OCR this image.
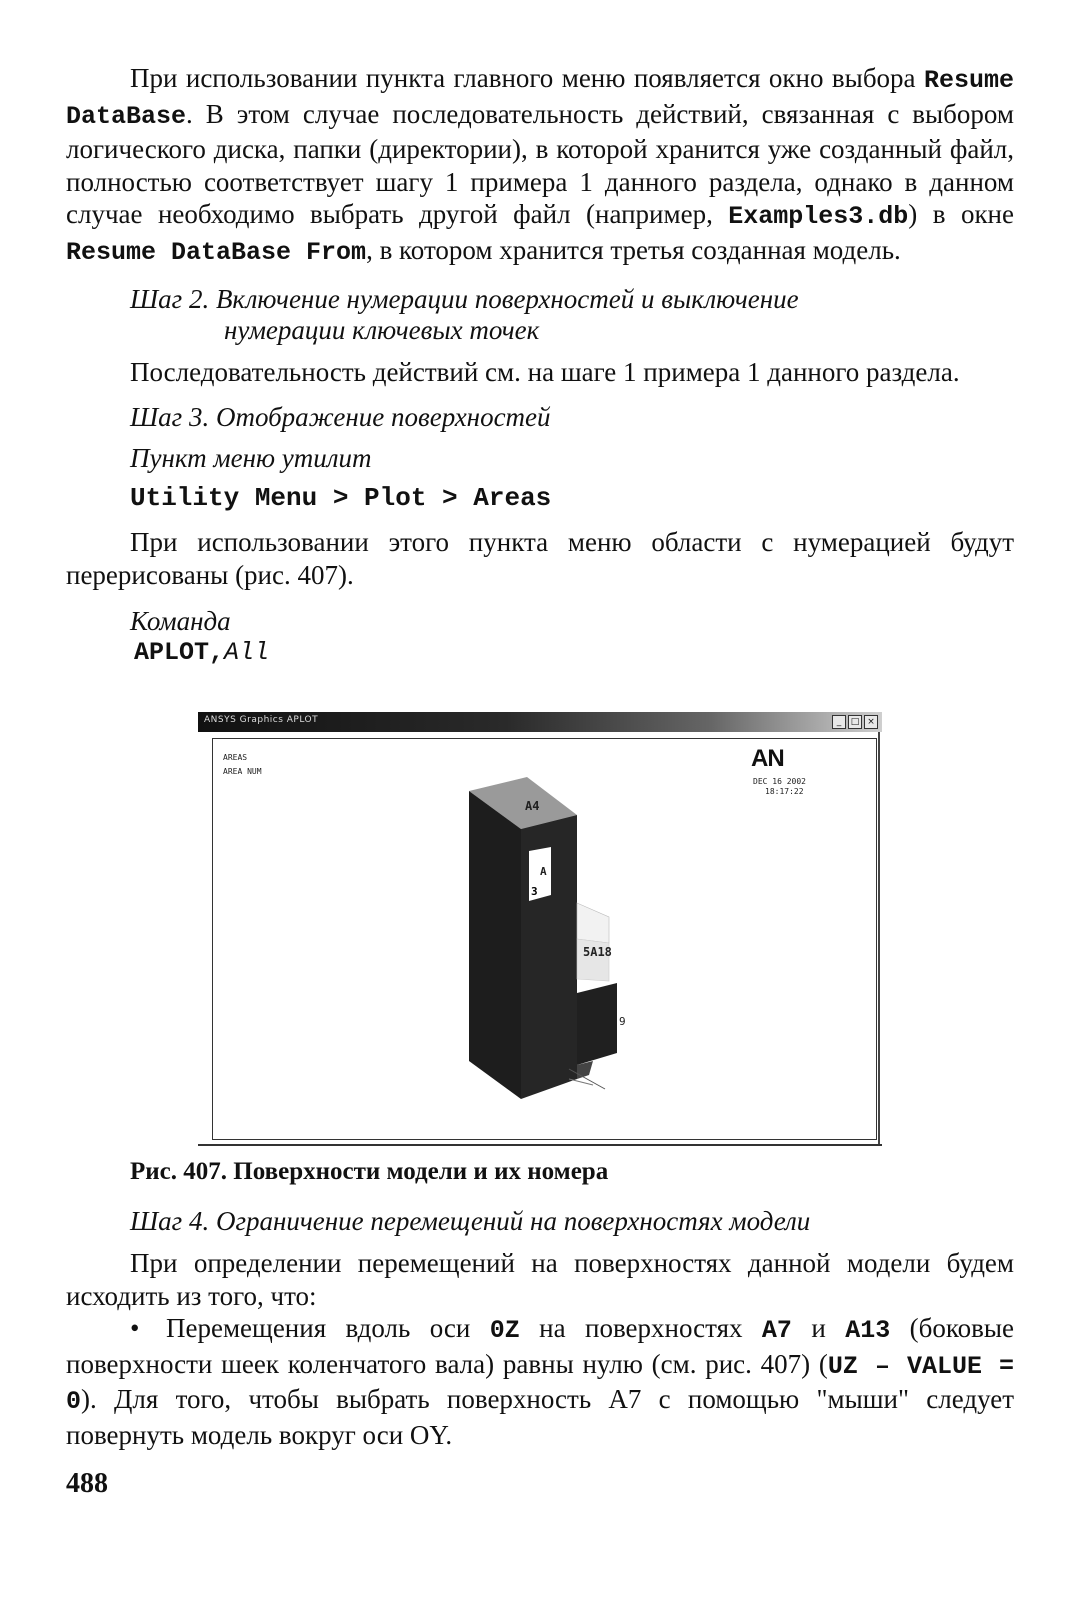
При использовании пункта главного меню появляется окно выбора Resume DataBase. В этом случае последовательность действий, связанная с выбором логического диска, папки (директории), в которой хранится уже созданный файл, полностью соответствует шагу 1 примера 1 данного раздела, однако в данном случае необходимо выбрать другой файл (например, Examples3.db) в окне Resume DataBase From, в котором хранится третья созданная модель.

Шаг 2. Включение нумерации поверхностей и выключение

нумерации ключевых точек

Последовательность действий см. на шаге 1 примера 1 данного раздела.

Шаг 3. Отображение поверхностей

Пункт меню утилит

Utility Menu > Plot > Areas

При использовании этого пункта меню области с нумерацией будут перерисованы (рис. 407).

Команда

APLOT,All

ANSYS Graphics APLOT	_	□ ×
AREAS
AREA NUM	AN
DEC 16 2002
18:17:22
A4
A
3
5A18
9

Рис. 407. Поверхности модели и их номера

Шаг 4. Ограничение перемещений на поверхностях модели

При определении перемещений на поверхностях данной модели будем исходить из того, что:

• Перемещения вдоль оси 0Z на поверхностях A7 и A13 (боковые поверхности шеек коленчатого вала) равны нулю (см. рис. 407) (UZ – VALUE = 0). Для того, чтобы выбрать поверхность А7 с помощью "мыши" следует повернуть модель вокруг оси OY.

488
